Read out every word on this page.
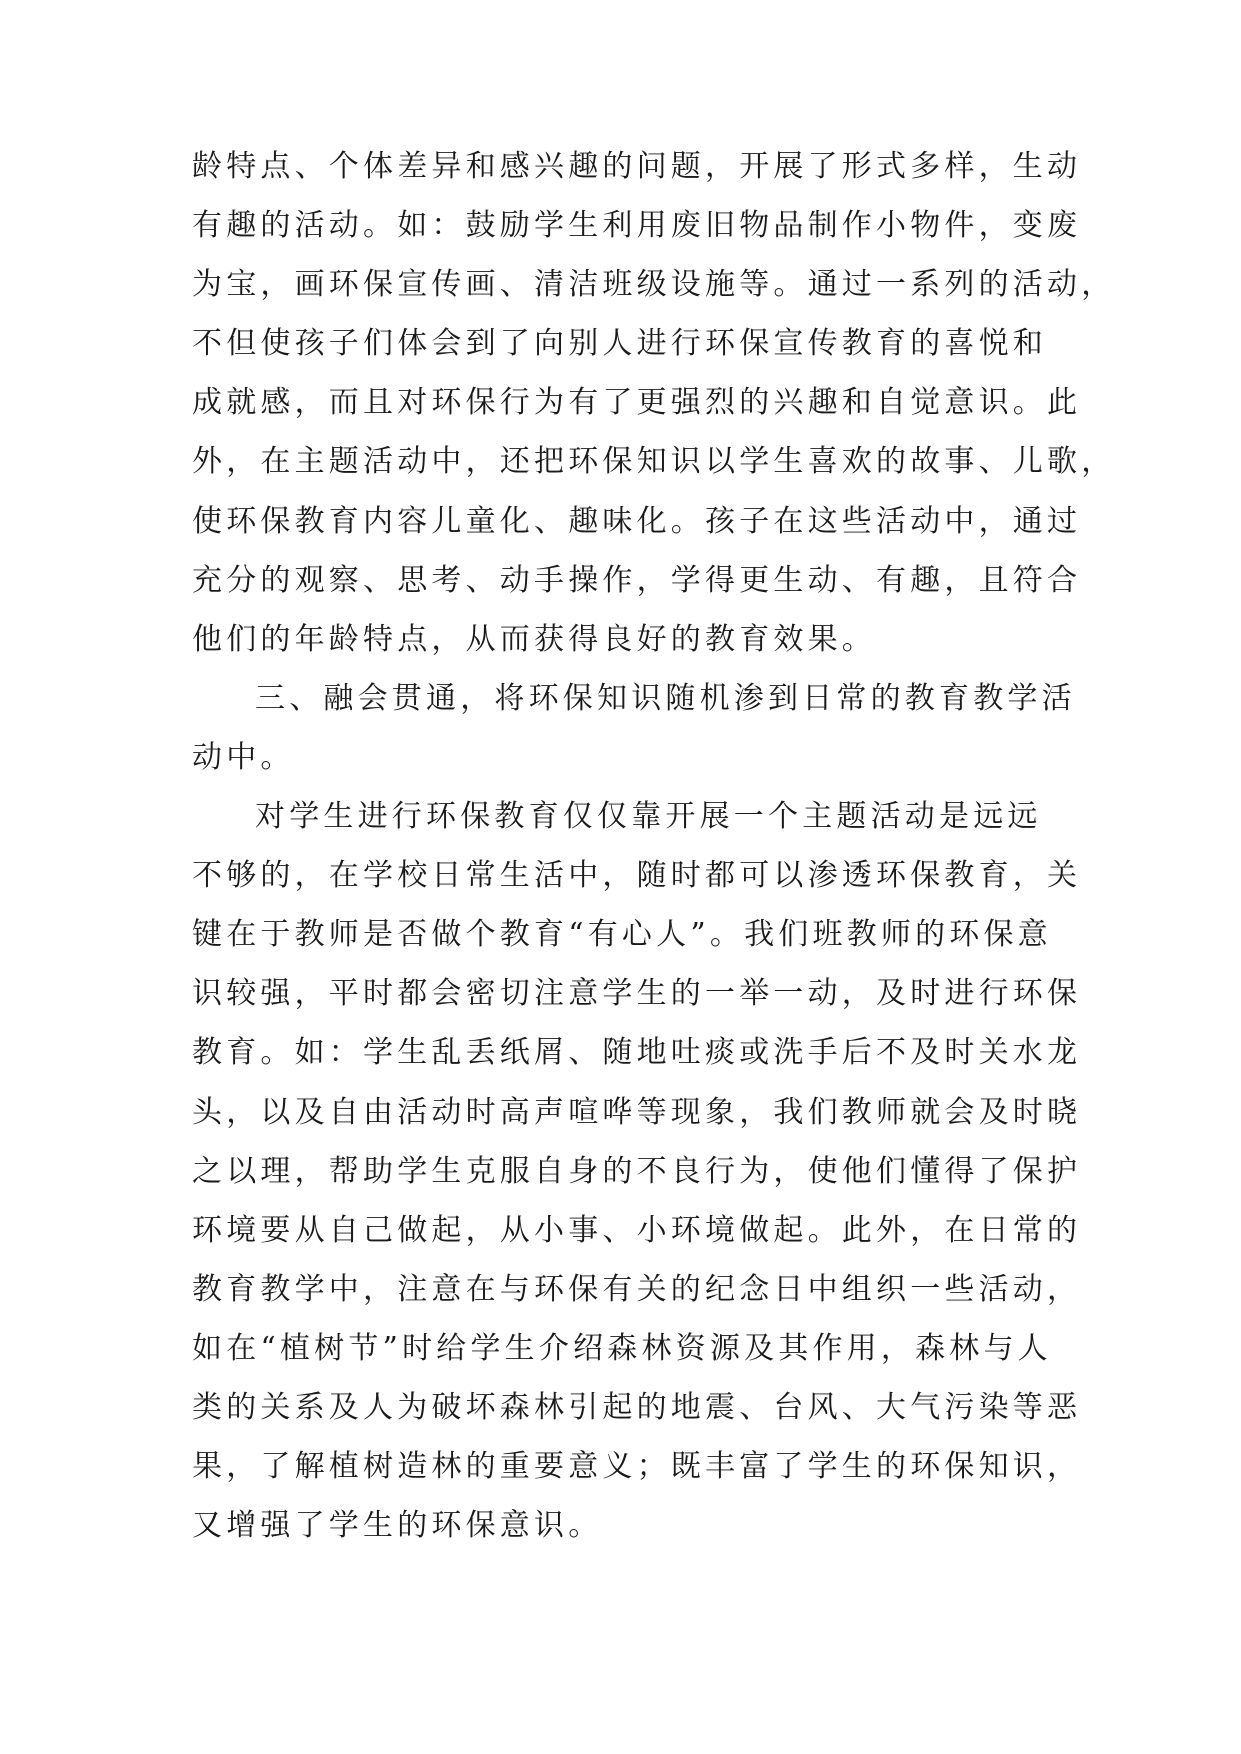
龄特点、个体差异和感兴趣的问题，开展了形式多样，生动
有趣的活动。如：鼓励学生利用废旧物品制作小物件，变废
为宝，画环保宣传画、清洁班级设施等。通过一系列的活动，
不但使孩子们体会到了向别人进行环保宣传教育的喜悦和
成就感，而且对环保行为有了更强烈的兴趣和自觉意识。此
外，在主题活动中，还把环保知识以学生喜欢的故事、儿歌，
使环保教育内容儿童化、趣味化。孩子在这些活动中，通过
充分的观察、思考、动手操作，学得更生动、有趣，且符合
他们的年龄特点，从而获得良好的教育效果。
三、融会贯通，将环保知识随机渗到日常的教育教学活
动中。
对学生进行环保教育仅仅靠开展一个主题活动是远远
不够的，在学校日常生活中，随时都可以渗透环保教育，关
键在于教师是否做个教育“有心人”。我们班教师的环保意
识较强，平时都会密切注意学生的一举一动，及时进行环保
教育。如：学生乱丢纸屑、随地吐痰或洗手后不及时关水龙
头，以及自由活动时高声喧哗等现象，我们教师就会及时晓
之以理，帮助学生克服自身的不良行为，使他们懂得了保护
环境要从自己做起，从小事、小环境做起。此外，在日常的
教育教学中，注意在与环保有关的纪念日中组织一些活动，
如在“植树节”时给学生介绍森林资源及其作用，森林与人
类的关系及人为破坏森林引起的地震、台风、大气污染等恶
果，了解植树造林的重要意义；既丰富了学生的环保知识，
又增强了学生的环保意识。
